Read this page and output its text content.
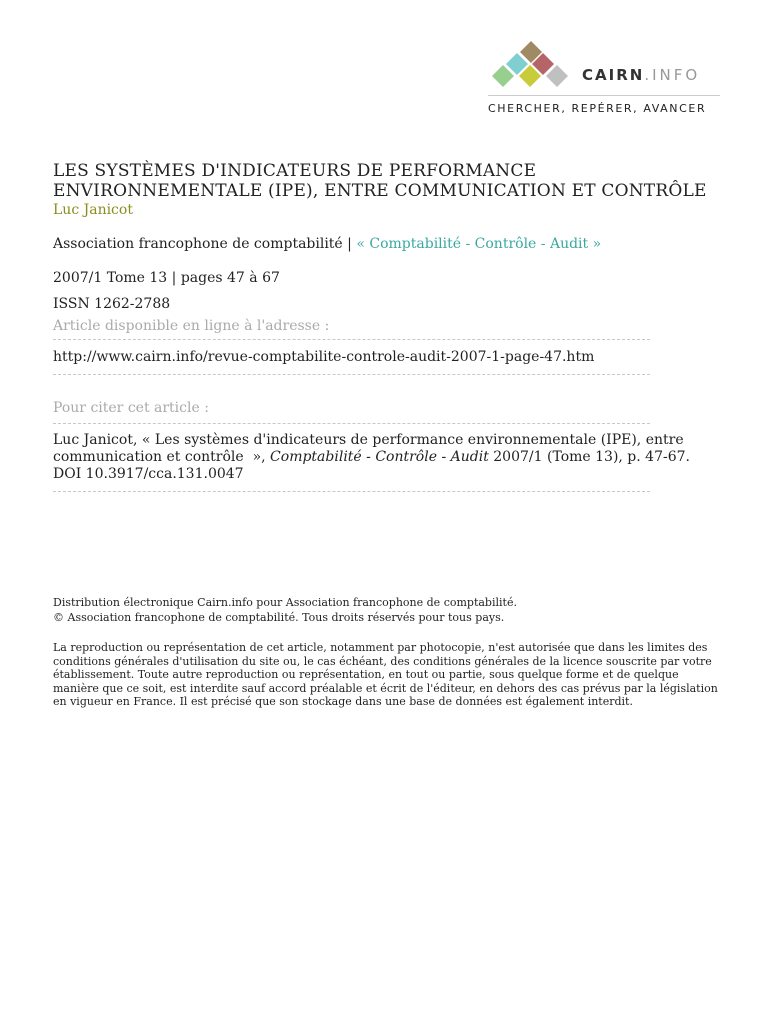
CAIRN.INFO
CHERCHER, REPÉRER, AVANCER
LES SYSTÈMES D'INDICATEURS DE PERFORMANCE ENVIRONNEMENTALE (IPE), ENTRE COMMUNICATION ET CONTRÔLE
Luc Janicot
Association francophone de comptabilité | « Comptabilité - Contrôle - Audit »
2007/1 Tome 13 | pages 47 à 67
ISSN 1262-2788
Article disponible en ligne à l'adresse :
http://www.cairn.info/revue-comptabilite-controle-audit-2007-1-page-47.htm
Pour citer cet article :
Luc Janicot, « Les systèmes d'indicateurs de performance environnementale (IPE), entre communication et contrôle  », Comptabilité - Contrôle - Audit 2007/1 (Tome 13), p. 47-67.
DOI 10.3917/cca.131.0047
Distribution électronique Cairn.info pour Association francophone de comptabilité.
© Association francophone de comptabilité. Tous droits réservés pour tous pays.
La reproduction ou représentation de cet article, notamment par photocopie, n'est autorisée que dans les limites des conditions générales d'utilisation du site ou, le cas échéant, des conditions générales de la licence souscrite par votre établissement. Toute autre reproduction ou représentation, en tout ou partie, sous quelque forme et de quelque manière que ce soit, est interdite sauf accord préalable et écrit de l'éditeur, en dehors des cas prévus par la législation en vigueur en France. Il est précisé que son stockage dans une base de données est également interdit.
